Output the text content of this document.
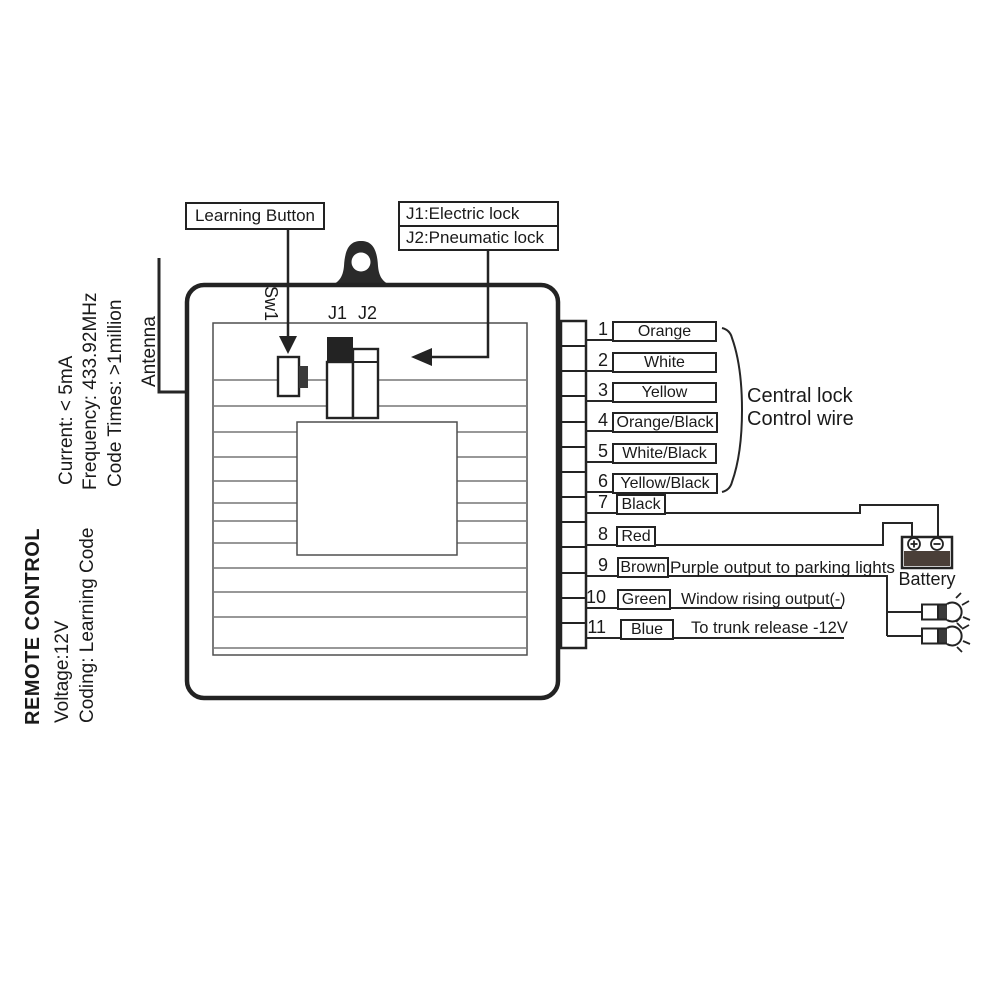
Learning Button	J1:Electric lock
J2:Pneumatic lock
Sw1	J1 J2
Antenna
Current: < 5mA Frequency: 433.92MHz Code Times: >1million
REMOTE CONTROL Voltage:12V Coding: Learning Code
1
2
3
4
5
6
7
8
9
10
11
Orange
White
Yellow
Orange/Black
White/Black
Yellow/Black
Black
Red
Brown
Green
Blue
Purple output to parking lights
Window rising output(-)
To trunk release -12V
Central lock
Control wire
Battery
